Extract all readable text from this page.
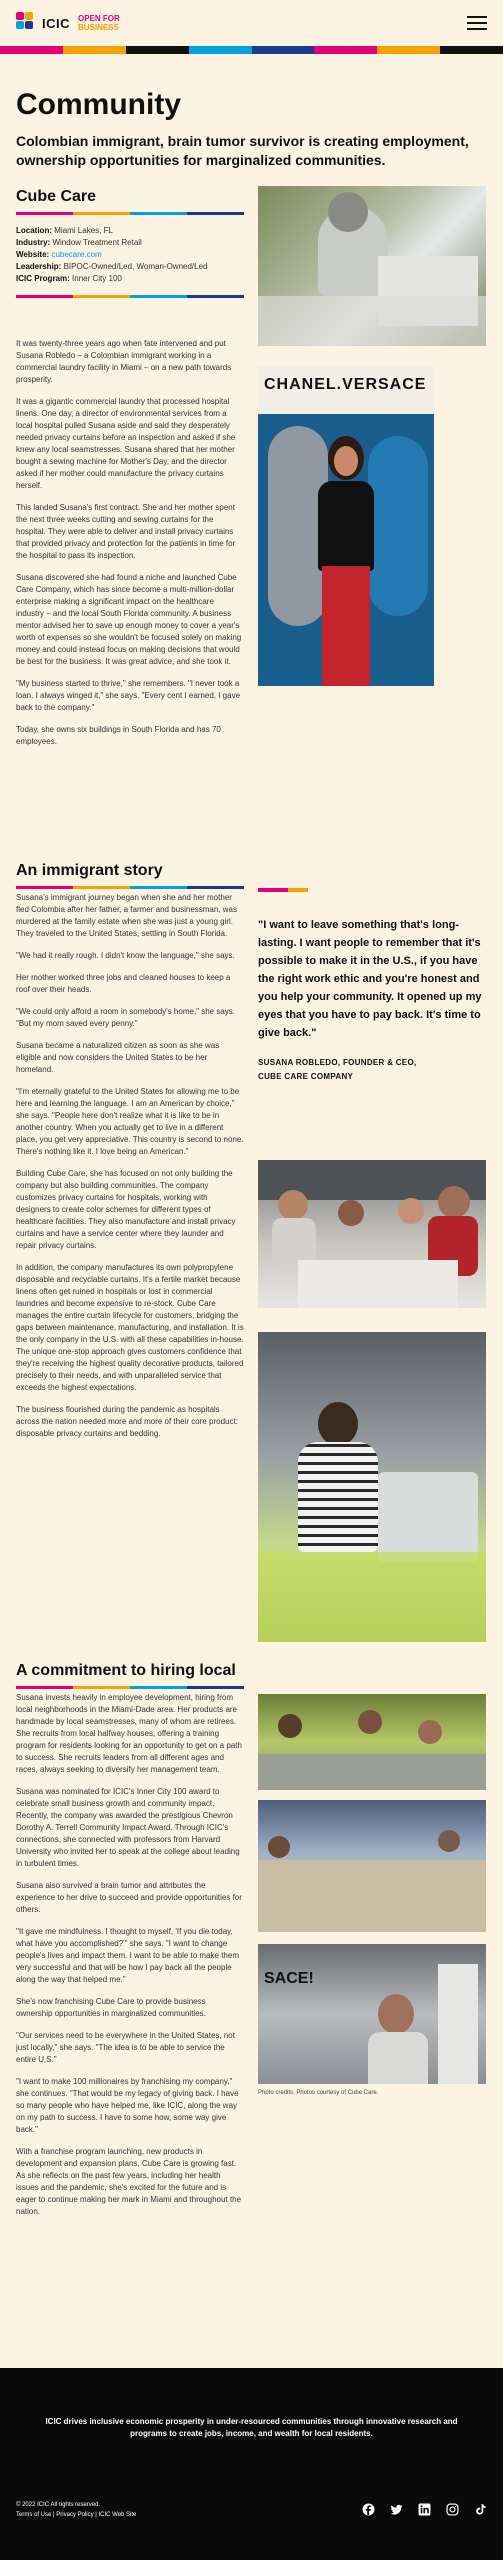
ICIC OPEN FOR
BUSINESS
Community
Colombian immigrant, brain tumor survivor is creating employment, ownership opportunities for marginalized communities.
Cube Care

Location: Miami Lakes, FL

Industry: Window Treatment Retail

Website: cubecare.com

Leadership: BIPOC-Owned/Led, Woman-Owned/Led

ICIC Program: Inner City 100

It was twenty-three years ago when fate intervened and put Susana Robledo – a Colombian immigrant working in a commercial laundry facility in Miami – on a new path towards prosperity.

It was a gigantic commercial laundry that processed hospital linens. One day, a director of environmental services from a local hospital pulled Susana aside and said they desperately needed privacy curtains before an inspection and asked if she knew any local seamstresses. Susana shared that her mother bought a sewing machine for Mother's Day, and the director asked if her mother could manufacture the privacy curtains herself.

This landed Susana's first contract. She and her mother spent the next three weeks cutting and sewing curtains for the hospital. They were able to deliver and install privacy curtains that provided privacy and protection for the patients in time for the hospital to pass its inspection.

Susana discovered she had found a niche and launched Cube Care Company, which has since become a multi-million-dollar enterprise making a significant impact on the healthcare industry – and the local South Florida community. A business mentor advised her to save up enough money to cover a year's worth of expenses so she wouldn't be focused solely on making money and could instead focus on making decisions that would be best for the business. It was great advice, and she took it.

"My business started to thrive," she remembers. "I never took a loan. I always winged it," she says. "Every cent I earned, I gave back to the company."

Today, she owns six buildings in South Florida and has 70 employees.

CHANEL.VERSACE
An immigrant story

Susana's immigrant journey began when she and her mother fled Colombia after her father, a farmer and businessman, was murdered at the family estate when she was just a young girl. They traveled to the United States, settling in South Florida.

"We had it really rough. I didn't know the language," she says.

Her mother worked three jobs and cleaned houses to keep a roof over their heads.

"We could only afford a room in somebody's home," she says. "But my mom saved every penny."

Susana became a naturalized citizen as soon as she was eligible and now considers the United States to be her homeland.

"I'm eternally grateful to the United States for allowing me to be here and learning the language. I am an American by choice," she says. "People here don't realize what it is like to be in another country. When you actually get to live in a different place, you get very appreciative. This country is second to none. There's nothing like it. I love being an American."

Building Cube Care, she has focused on not only building the company but also building communities. The company customizes privacy curtains for hospitals, working with designers to create color schemes for different types of healthcare facilities. They also manufacture and install privacy curtains and have a service center where they launder and repair privacy curtains.

In addition, the company manufactures its own polypropylene disposable and recyclable curtains. It's a fertile market because linens often get ruined in hospitals or lost in commercial laundries and become expensive to re-stock. Cube Care manages the entire curtain lifecycle for customers, bridging the gaps between maintenance, manufacturing, and installation. It is the only company in the U.S. with all these capabilities in-house. The unique one-stop approach gives customers confidence that they're receiving the highest quality decorative products, tailored precisely to their needs, and with unparalleled service that exceeds the highest expectations.

The business flourished during the pandemic as hospitals across the nation needed more and more of their core product: disposable privacy curtains and bedding.

"I want to leave something that's long-lasting. I want people to remember that it's possible to make it in the U.S., if you have the right work ethic and you're honest and you help your community. It opened up my eyes that you have to pay back. It's time to give back."
SUSANA ROBLEDO, FOUNDER & CEO,
CUBE CARE COMPANY
A commitment to hiring local

Susana invests heavily in employee development, hiring from local neighborhoods in the Miami-Dade area. Her products are handmade by local seamstresses, many of whom are retirees. She recruits from local halfway houses, offering a training program for residents looking for an opportunity to get on a path to success. She recruits leaders from all different ages and races, always seeking to diversify her management team.

Susana was nominated for ICIC's Inner City 100 award to celebrate small business growth and community impact. Recently, the company was awarded the prestigious Chevron Dorothy A. Terrell Community Impact Award. Through ICIC's connections, she connected with professors from Harvard University who invited her to speak at the college about leading in turbulent times.

Susana also survived a brain tumor and attributes the experience to her drive to succeed and provide opportunities for others.

"It gave me mindfulness. I thought to myself, 'If you die today, what have you accomplished?'" she says. "I want to change people's lives and impact them. I want to be able to make them very successful and that will be how I pay back all the people along the way that helped me."

She's now franchising Cube Care to provide business ownership opportunities in marginalized communities.

"Our services need to be everywhere in the United States, not just locally," she says. "The idea is to be able to service the entire U.S."

"I want to make 100 millionaires by franchising my company," she continues. "That would be my legacy of giving back. I have so many people who have helped me, like ICIC, along the way on my path to success. I have to some how, some way give back."

With a franchise program launching, new products in development and expansion plans, Cube Care is growing fast. As she reflects on the past few years, including her health issues and the pandemic, she's excited for the future and is eager to continue making her mark in Miami and throughout the nation.

SACE!
Photo credits: Photos courtesy of Cube Care.
ICIC drives inclusive economic prosperity in under-resourced communities through innovative research and programs to create jobs, income, and wealth for local residents.
© 2022 ICIC All rights reserved.
Terms of Use | Privacy Policy | ICIC Web Site
